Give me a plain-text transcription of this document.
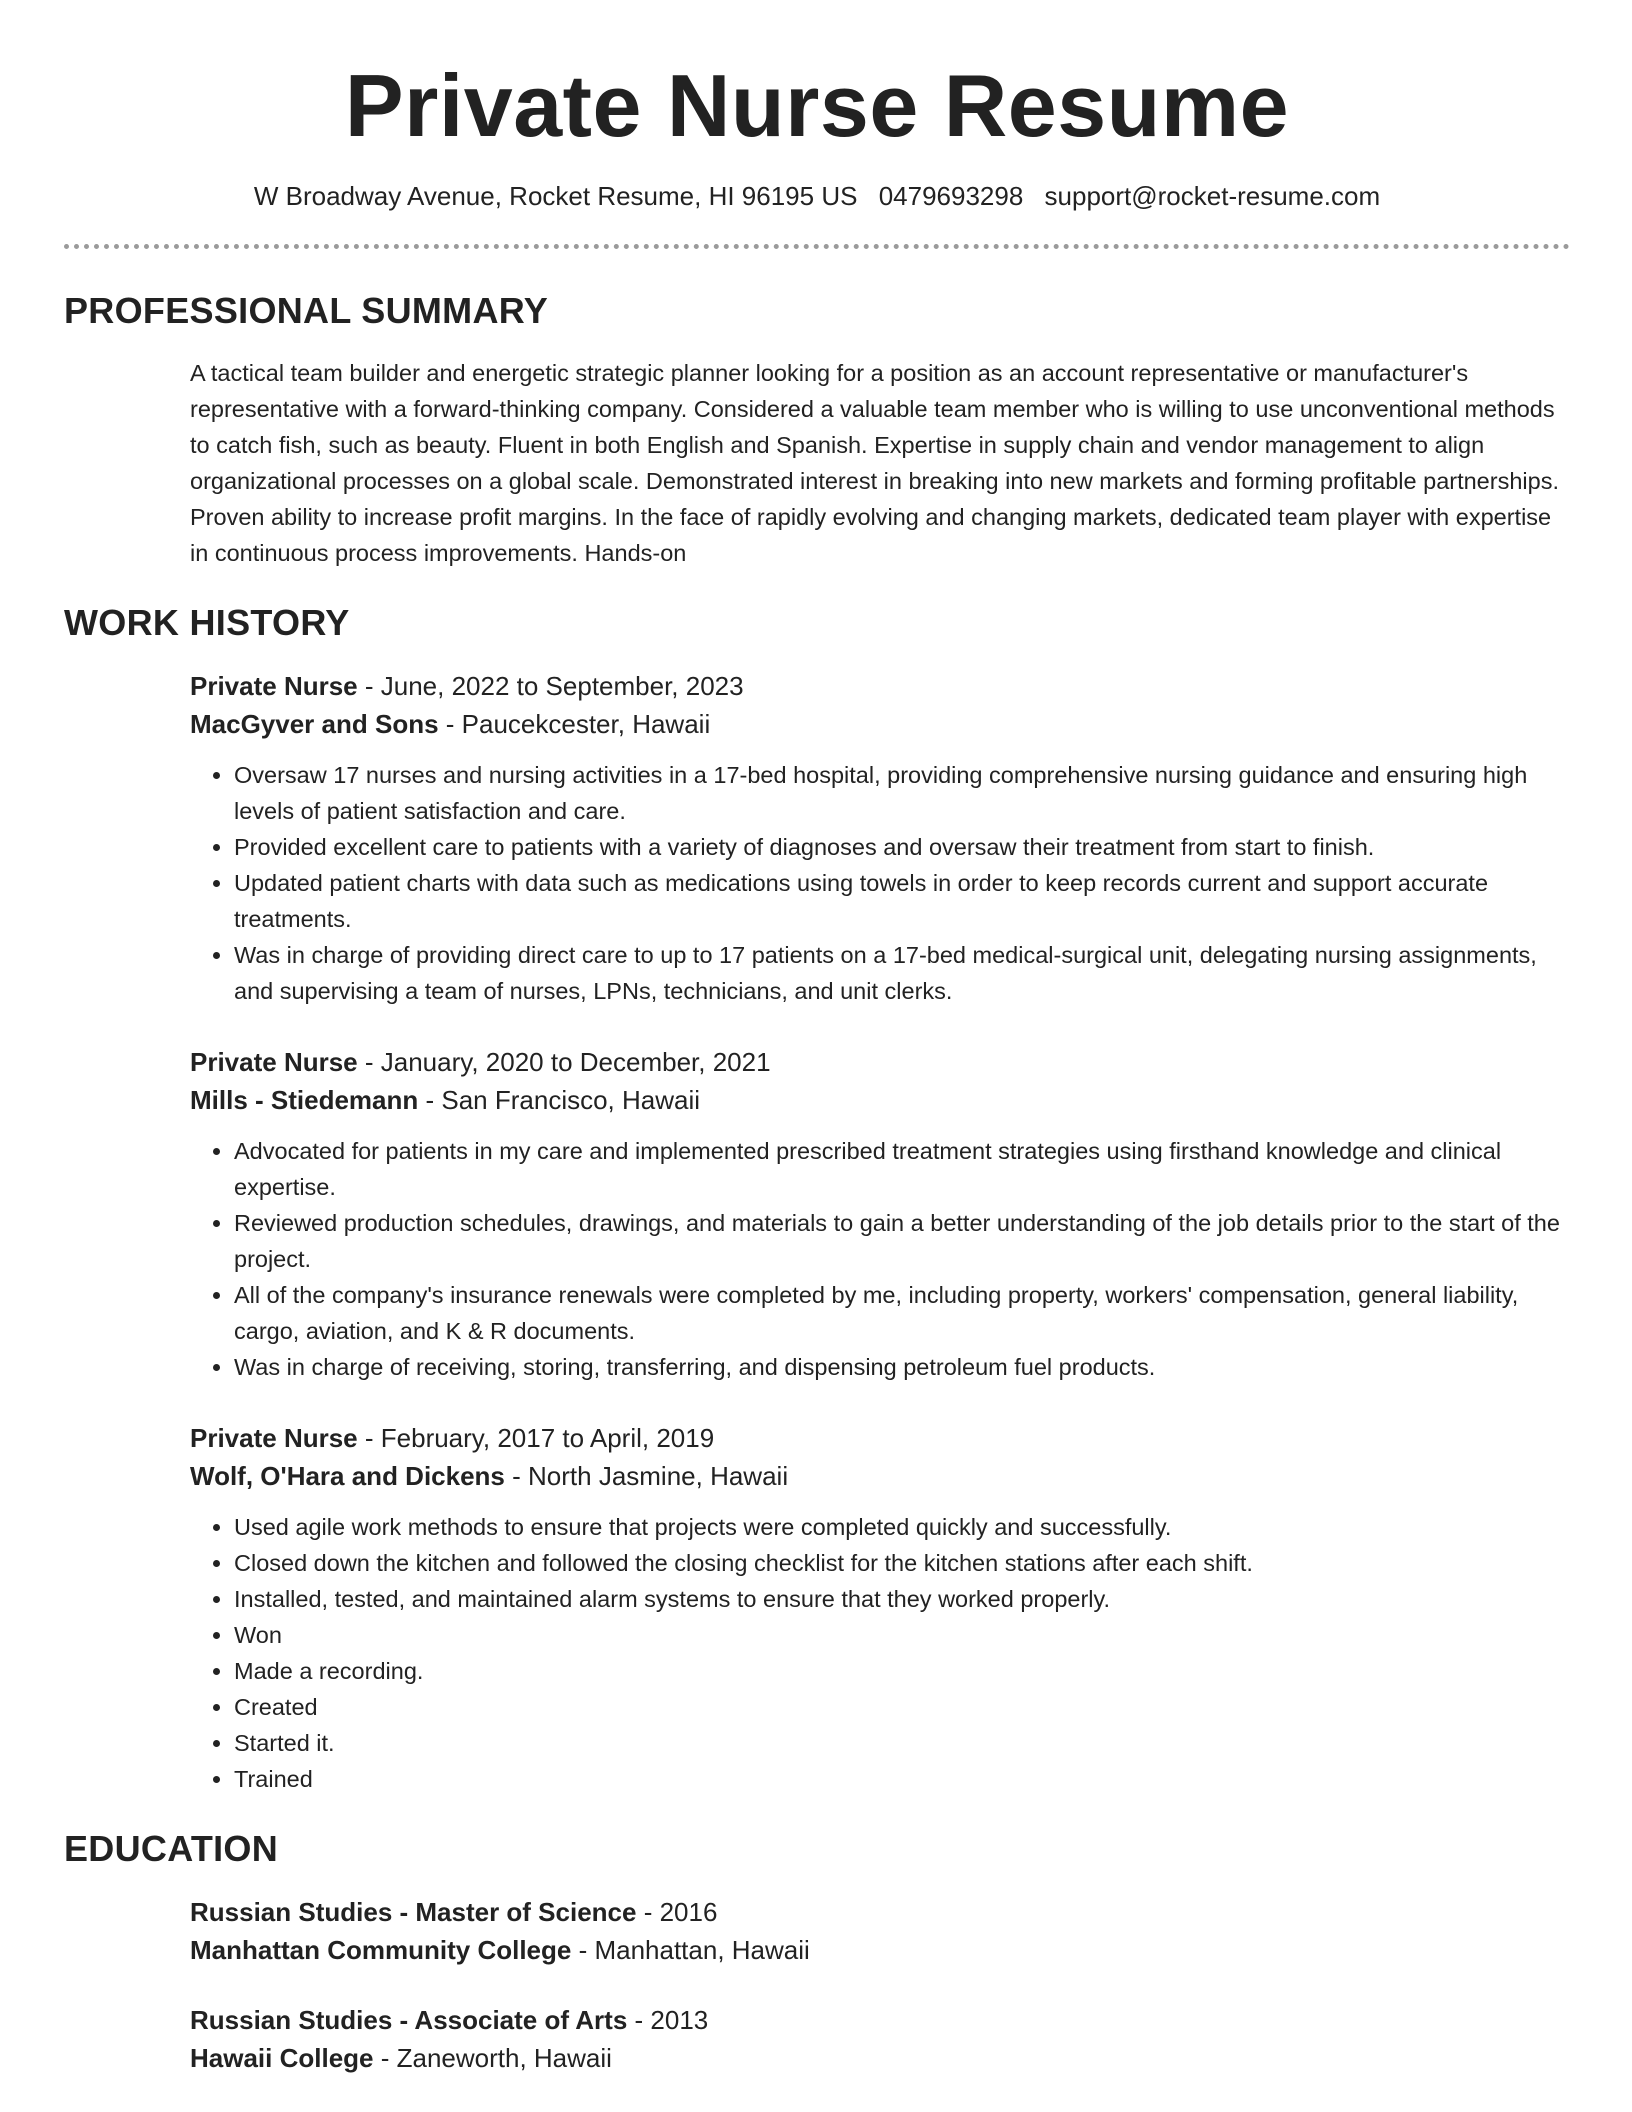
Private Nurse Resume
W Broadway Avenue, Rocket Resume, HI 96195 US 0479693298 support@rocket-resume.com
PROFESSIONAL SUMMARY
A tactical team builder and energetic strategic planner looking for a position as an account representative or manufacturer's representative with a forward-thinking company. Considered a valuable team member who is willing to use unconventional methods to catch fish, such as beauty. Fluent in both English and Spanish. Expertise in supply chain and vendor management to align organizational processes on a global scale. Demonstrated interest in breaking into new markets and forming profitable partnerships. Proven ability to increase profit margins. In the face of rapidly evolving and changing markets, dedicated team player with expertise in continuous process improvements. Hands-on
WORK HISTORY
Private Nurse - June, 2022 to September, 2023
MacGyver and Sons - Paucekcester, Hawaii
• Oversaw 17 nurses and nursing activities in a 17-bed hospital, providing comprehensive nursing guidance and ensuring high levels of patient satisfaction and care.
• Provided excellent care to patients with a variety of diagnoses and oversaw their treatment from start to finish.
• Updated patient charts with data such as medications using towels in order to keep records current and support accurate treatments.
• Was in charge of providing direct care to up to 17 patients on a 17-bed medical-surgical unit, delegating nursing assignments, and supervising a team of nurses, LPNs, technicians, and unit clerks.
Private Nurse - January, 2020 to December, 2021
Mills - Stiedemann - San Francisco, Hawaii
• Advocated for patients in my care and implemented prescribed treatment strategies using firsthand knowledge and clinical expertise.
• Reviewed production schedules, drawings, and materials to gain a better understanding of the job details prior to the start of the project.
• All of the company's insurance renewals were completed by me, including property, workers' compensation, general liability, cargo, aviation, and K & R documents.
• Was in charge of receiving, storing, transferring, and dispensing petroleum fuel products.
Private Nurse - February, 2017 to April, 2019
Wolf, O'Hara and Dickens - North Jasmine, Hawaii
• Used agile work methods to ensure that projects were completed quickly and successfully.
• Closed down the kitchen and followed the closing checklist for the kitchen stations after each shift.
• Installed, tested, and maintained alarm systems to ensure that they worked properly.
• Won
• Made a recording.
• Created
• Started it.
• Trained
EDUCATION
Russian Studies - Master of Science - 2016
Manhattan Community College - Manhattan, Hawaii
Russian Studies - Associate of Arts - 2013
Hawaii College - Zaneworth, Hawaii
